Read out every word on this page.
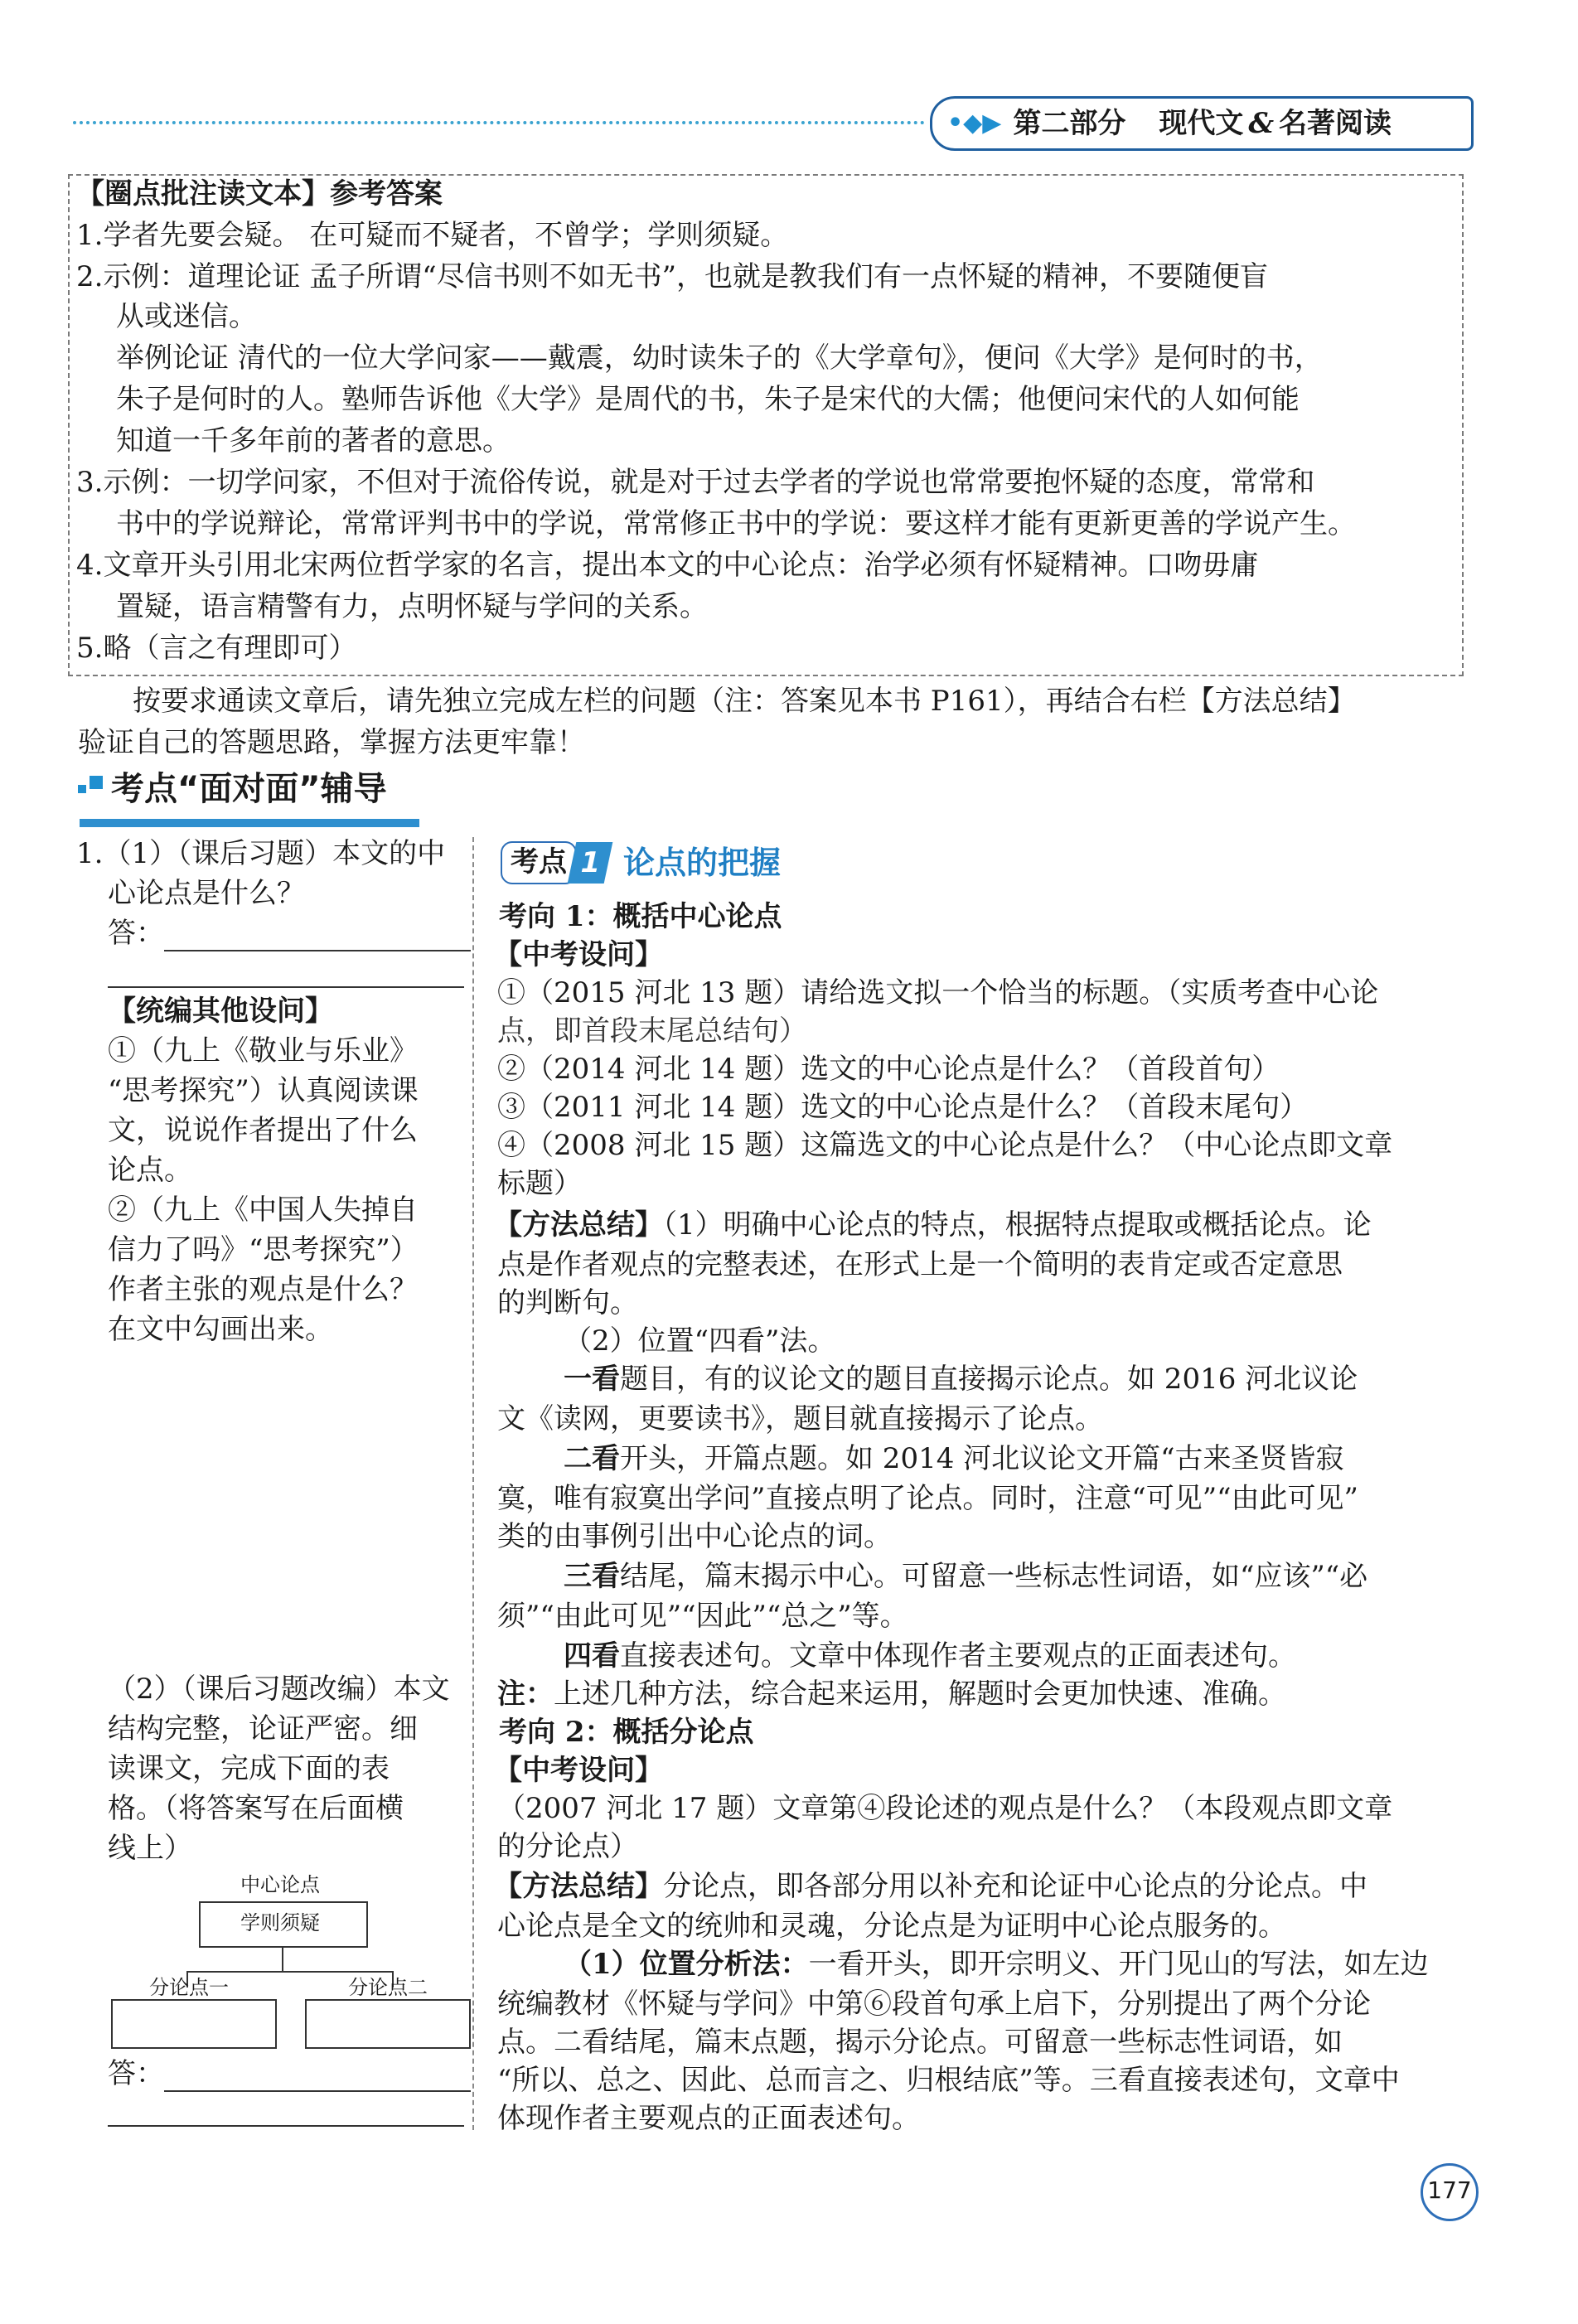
•◆▶ 第二部分 现代文 & 名著阅读
【圈点批注读文本】参考答案
1.学者先要会疑。 在可疑而不疑者，不曾学；学则须疑。
2.示例：道理论证 孟子所谓“尽信书则不如无书”，也就是教我们有一点怀疑的精神，不要随便盲
从或迷信。
举例论证 清代的一位大学问家——戴震，幼时读朱子的《大学章句》，便问《大学》是何时的书，
朱子是何时的人。塾师告诉他《大学》是周代的书，朱子是宋代的大儒；他便问宋代的人如何能
知道一千多年前的著者的意思。
3.示例：一切学问家，不但对于流俗传说，就是对于过去学者的学说也常常要抱怀疑的态度，常常和
书中的学说辩论，常常评判书中的学说，常常修正书中的学说：要这样才能有更新更善的学说产生。
4.文章开头引用北宋两位哲学家的名言，提出本文的中心论点：治学必须有怀疑精神。口吻毋庸
置疑，语言精警有力，点明怀疑与学问的关系。
5.略（言之有理即可）
按要求通读文章后，请先独立完成左栏的问题（注：答案见本书 P161），再结合右栏【方法总结】
验证自己的答题思路，掌握方法更牢靠！
考点“面对面”辅导
1.（1）（课后习题）本文的中
心论点是什么？
答：
【统编其他设问】
①（九上《敬业与乐业》
“思考探究”）认真阅读课
文，说说作者提出了什么
论点。
②（九上《中国人失掉自
信力了吗》“思考探究”）
作者主张的观点是什么？
在文中勾画出来。
（2）（课后习题改编）本文
结构完整，论证严密。细
读课文，完成下面的表
格。（将答案写在后面横
线上）
中心论点
学则须疑
分论点一	分论点二
答：
考点 1 论点的把握
考向 1：概括中心论点
【中考设问】
①（2015 河北 13 题）请给选文拟一个恰当的标题。（实质考查中心论
点，即首段末尾总结句）
②（2014 河北 14 题）选文的中心论点是什么？（首段首句）
③（2011 河北 14 题）选文的中心论点是什么？（首段末尾句）
④（2008 河北 15 题）这篇选文的中心论点是什么？（中心论点即文章
标题）
【方法总结】（1）明确中心论点的特点，根据特点提取或概括论点。论
点是作者观点的完整表述，在形式上是一个简明的表肯定或否定意思
的判断句。
（2）位置“四看”法。
一看题目，有的议论文的题目直接揭示论点。如 2016 河北议论
文《读网，更要读书》，题目就直接揭示了论点。
二看开头，开篇点题。如 2014 河北议论文开篇“古来圣贤皆寂
寞，唯有寂寞出学问”直接点明了论点。同时，注意“可见”“由此可见”
类的由事例引出中心论点的词。
三看结尾，篇末揭示中心。可留意一些标志性词语，如“应该”“必
须”“由此可见”“因此”“总之”等。
四看直接表述句。文章中体现作者主要观点的正面表述句。
注：上述几种方法，综合起来运用，解题时会更加快速、准确。
考向 2：概括分论点
【中考设问】
（2007 河北 17 题）文章第④段论述的观点是什么？（本段观点即文章
的分论点）
【方法总结】分论点，即各部分用以补充和论证中心论点的分论点。中
心论点是全文的统帅和灵魂，分论点是为证明中心论点服务的。
（1）位置分析法：一看开头，即开宗明义、开门见山的写法，如左边
统编教材《怀疑与学问》中第⑥段首句承上启下，分别提出了两个分论
点。二看结尾，篇末点题，揭示分论点。可留意一些标志性词语，如
“所以、总之、因此、总而言之、归根结底”等。三看直接表述句，文章中
体现作者主要观点的正面表述句。
177
